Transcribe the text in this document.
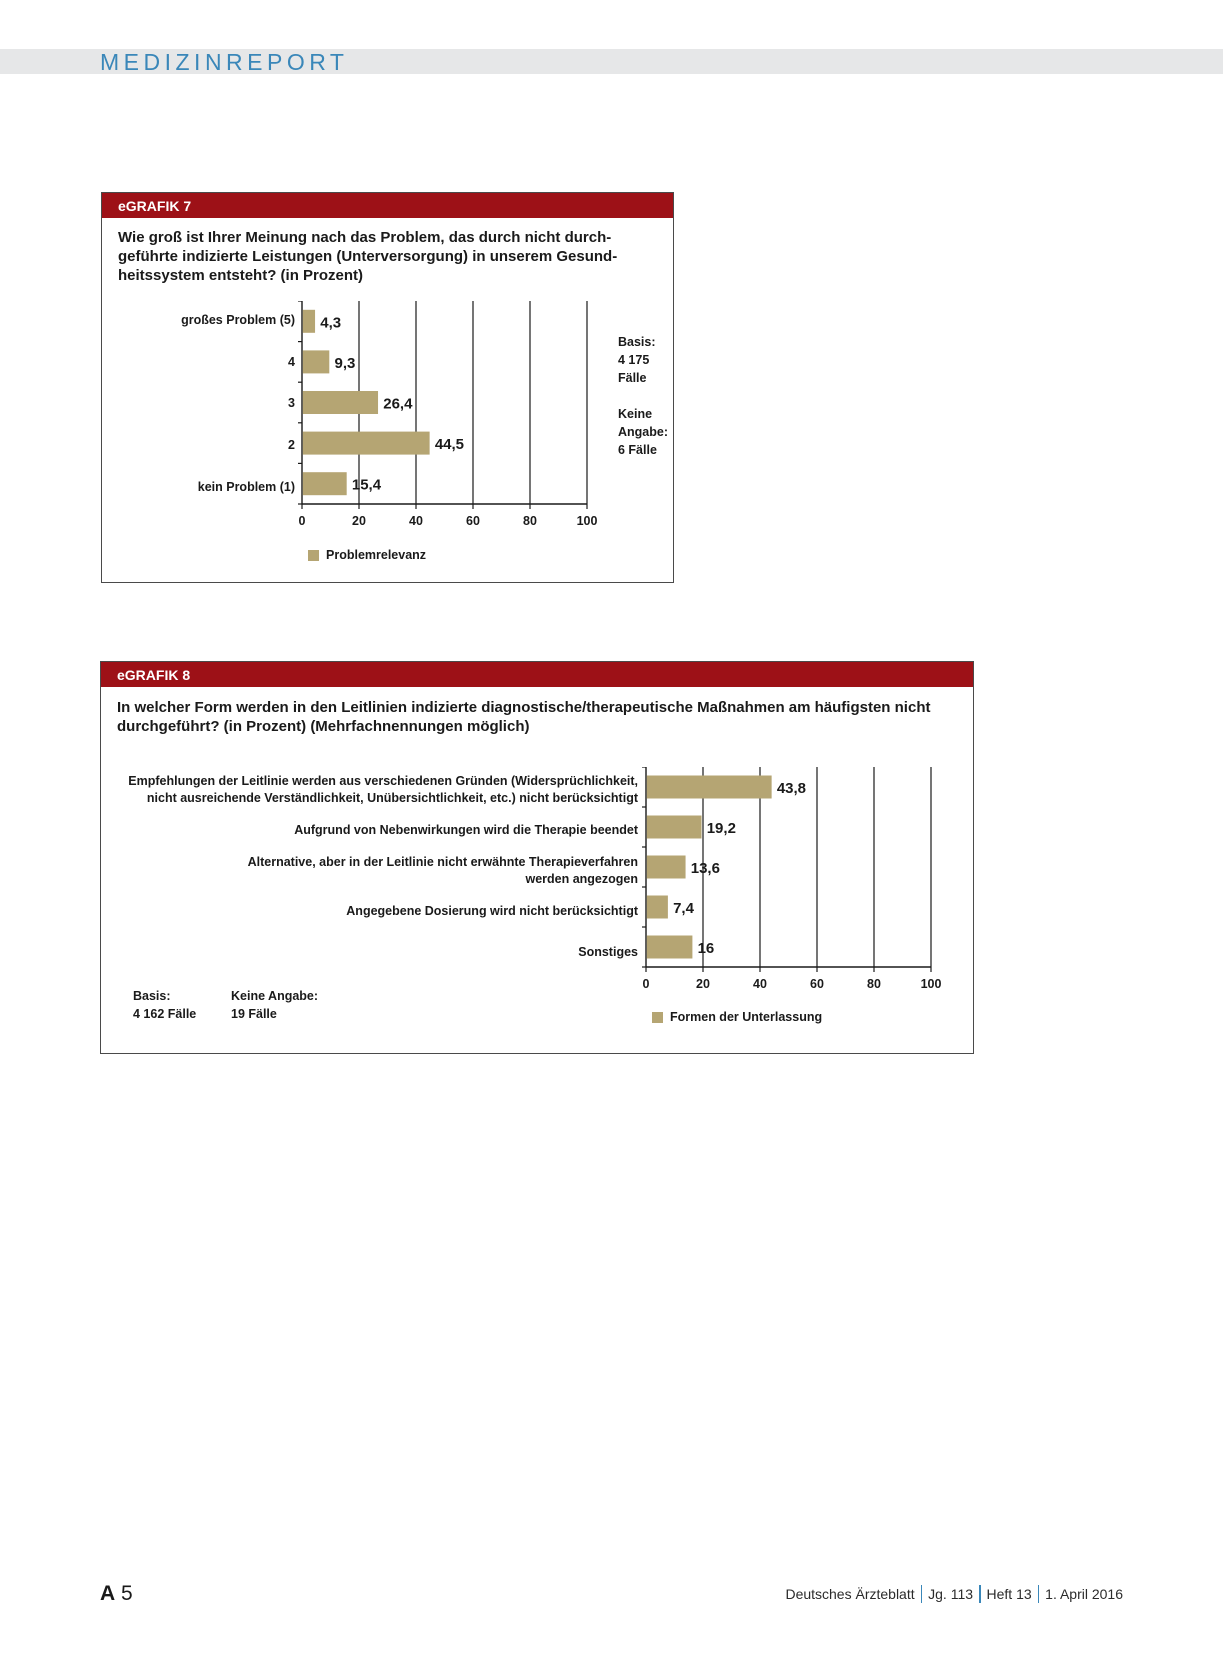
MEDIZINREPORT
eGRAFIK 7
Wie groß ist Ihrer Meinung nach das Problem, das durch nicht durch-
geführte indizierte Leistungen (Unterversorgung) in unserem Gesund-
heitssystem entsteht? (in Prozent)
großes Problem (5)
4
3
2
kein Problem (1)
0	20	40	60	80	100
4,3
9,3
26,4
44,5
15,4
Basis:
4 175
Fälle
Keine
Angabe:
6 Fälle
Problemrelevanz
eGRAFIK 8
In welcher Form werden in den Leitlinien indizierte diagnostische/therapeutische Maßnahmen am häufigsten nicht
durchgeführt? (in Prozent) (Mehrfachnennungen möglich)
Empfehlungen der Leitlinie werden aus verschiedenen Gründen (Widersprüchlichkeit,
nicht ausreichende Verständlichkeit, Unübersichtlichkeit, etc.) nicht berücksichtigt
Aufgrund von Nebenwirkungen wird die Therapie beendet
Alternative, aber in der Leitlinie nicht erwähnte Therapieverfahren
werden angezogen
Angegebene Dosierung wird nicht berücksichtigt
Sonstiges
0	20	40	60	80	100
43,8
19,2
13,6
7,4
16
Basis:
4 162 Fälle
Keine Angabe:
19 Fälle	Formen der Unterlassung
A 5	Deutsches Ärzteblatt Jg. 113 Heft 13 1. April 2016
